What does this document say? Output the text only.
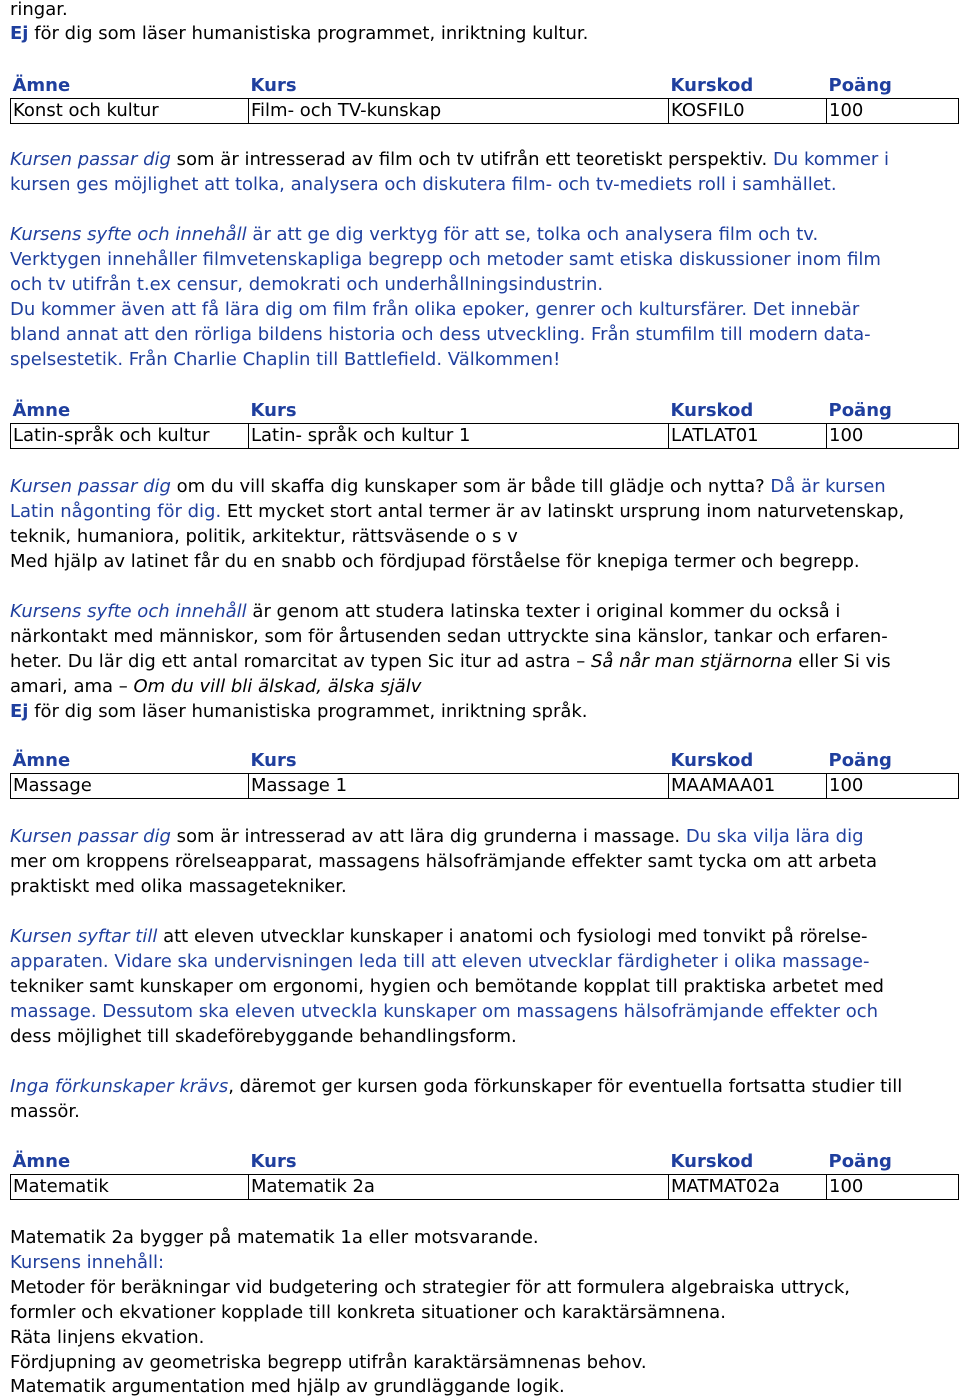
ringar.
Ej för dig som läser humanistiska programmet, inriktning kultur.
Ämne	Kurs	Kurskod	Poäng
Konst och kultur	Film- och TV-kunskap	KOSFIL0	100
Kursen passar dig som är intresserad av film och tv utifrån ett teoretiskt perspektiv. Du kommer i
kursen ges möjlighet att tolka, analysera och diskutera film- och tv-mediets roll i samhället.
Kursens syfte och innehåll är att ge dig verktyg för att se, tolka och analysera film och tv.
Verktygen innehåller filmvetenskapliga begrepp och metoder samt etiska diskussioner inom film
och tv utifrån t.ex censur, demokrati och underhållningsindustrin.
Du kommer även att få lära dig om film från olika epoker, genrer och kultursfärer. Det innebär
bland annat att den rörliga bildens historia och dess utveckling. Från stumfilm till modern data-
spelsestetik. Från Charlie Chaplin till Battlefield. Välkommen!
Ämne	Kurs	Kurskod	Poäng
Latin-språk och kultur	Latin- språk och kultur 1	LATLAT01	100
Kursen passar dig om du vill skaffa dig kunskaper som är både till glädje och nytta? Då är kursen
Latin någonting för dig. Ett mycket stort antal termer är av latinskt ursprung inom naturvetenskap,
teknik, humaniora, politik, arkitektur, rättsväsende o s v
Med hjälp av latinet får du en snabb och fördjupad förståelse för knepiga termer och begrepp.
Kursens syfte och innehåll är genom att studera latinska texter i original kommer du också i
närkontakt med människor, som för årtusenden sedan uttryckte sina känslor, tankar och erfaren-
heter. Du lär dig ett antal romarcitat av typen Sic itur ad astra – Så når man stjärnorna eller Si vis
amari, ama – Om du vill bli älskad, älska själv
Ej för dig som läser humanistiska programmet, inriktning språk.
Ämne	Kurs	Kurskod	Poäng
Massage	Massage 1	MAAMAA01	100
Kursen passar dig som är intresserad av att lära dig grunderna i massage. Du ska vilja lära dig
mer om kroppens rörelseapparat, massagens hälsofrämjande effekter samt tycka om att arbeta
praktiskt med olika massagetekniker.
Kursen syftar till att eleven utvecklar kunskaper i anatomi och fysiologi med tonvikt på rörelse-
apparaten. Vidare ska undervisningen leda till att eleven utvecklar färdigheter i olika massage-
tekniker samt kunskaper om ergonomi, hygien och bemötande kopplat till praktiska arbetet med
massage. Dessutom ska eleven utveckla kunskaper om massagens hälsofrämjande effekter och
dess möjlighet till skadeförebyggande behandlingsform.
Inga förkunskaper krävs, däremot ger kursen goda förkunskaper för eventuella fortsatta studier till
massör.
Ämne	Kurs	Kurskod	Poäng
Matematik	Matematik 2a	MATMAT02a	100
Matematik 2a bygger på matematik 1a eller motsvarande.
Kursens innehåll:
Metoder för beräkningar vid budgetering och strategier för att formulera algebraiska uttryck,
formler och ekvationer kopplade till konkreta situationer och karaktärsämnena.
Räta linjens ekvation.
Fördjupning av geometriska begrepp utifrån karaktärsämnenas behov.
Matematik argumentation med hjälp av grundläggande logik.
